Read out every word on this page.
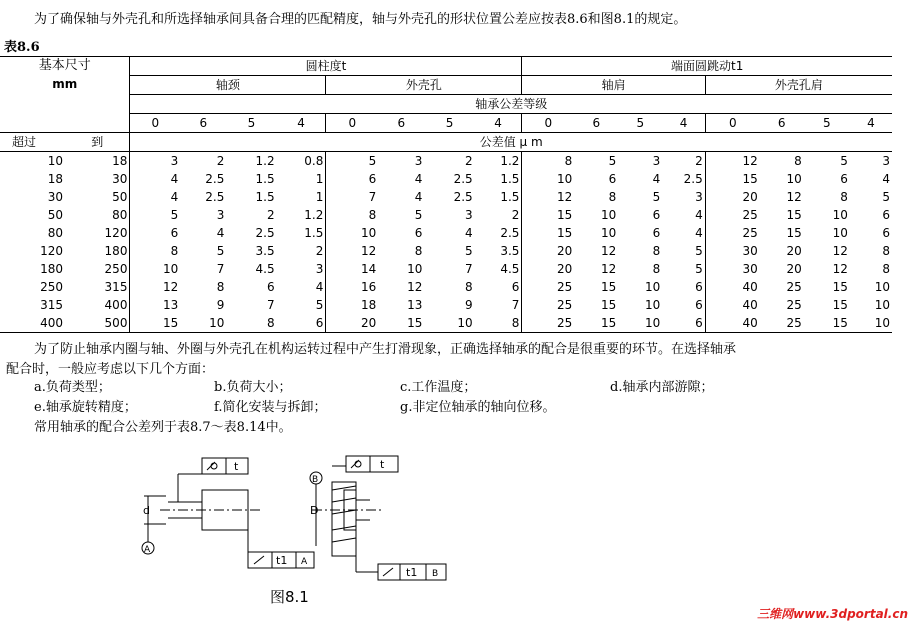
为了确保轴与外壳孔和所选择轴承间具备合理的匹配精度，轴与外壳孔的形状位置公差应按表8.6和图8.1的规定。
表8.6
基本尺寸
mm		圆柱度t								端面圆跳动t1							
		轴颈				外壳孔				轴肩				外壳孔肩			
		轴承公差等级															
		0	6	5	4	0	6	5	4	0	6	5	4	0	6	5	4
超过	到	公差值 μ m															
10	18	3	2	1.2	0.8	5	3	2	1.2	8	5	3	2	12	8	5	3
18	30	4	2.5	1.5	1	6	4	2.5	1.5	10	6	4	2.5	15	10	6	4
30	50	4	2.5	1.5	1	7	4	2.5	1.5	12	8	5	3	20	12	8	5
50	80	5	3	2	1.2	8	5	3	2	15	10	6	4	25	15	10	6
80	120	6	4	2.5	1.5	10	6	4	2.5	15	10	6	4	25	15	10	6
120	180	8	5	3.5	2	12	8	5	3.5	20	12	8	5	30	20	12	8
180	250	10	7	4.5	3	14	10	7	4.5	20	12	8	5	30	20	12	8
250	315	12	8	6	4	16	12	8	6	25	15	10	6	40	25	15	10
315	400	13	9	7	5	18	13	9	7	25	15	10	6	40	25	15	10
400	500	15	10	8	6	20	15	10	8	25	15	10	6	40	25	15	10
为了防止轴承内圈与轴、外圈与外壳孔在机构运转过程中产生打滑现象，正确选择轴承的配合是很重要的环节。在选择轴承
配合时，一般应考虑以下几个方面：
a.负荷类型；	b.负荷大小；	c.工作温度；	d.轴承内部游隙；
e.轴承旋转精度；	f.简化安装与拆卸；	g.非定位轴承的轴向位移。
常用轴承的配合公差列于表8.7～表8.14中。
A
d
t
t1 A
B
D
t
t1 B
图8.1
三维网www.3dportal.cn
